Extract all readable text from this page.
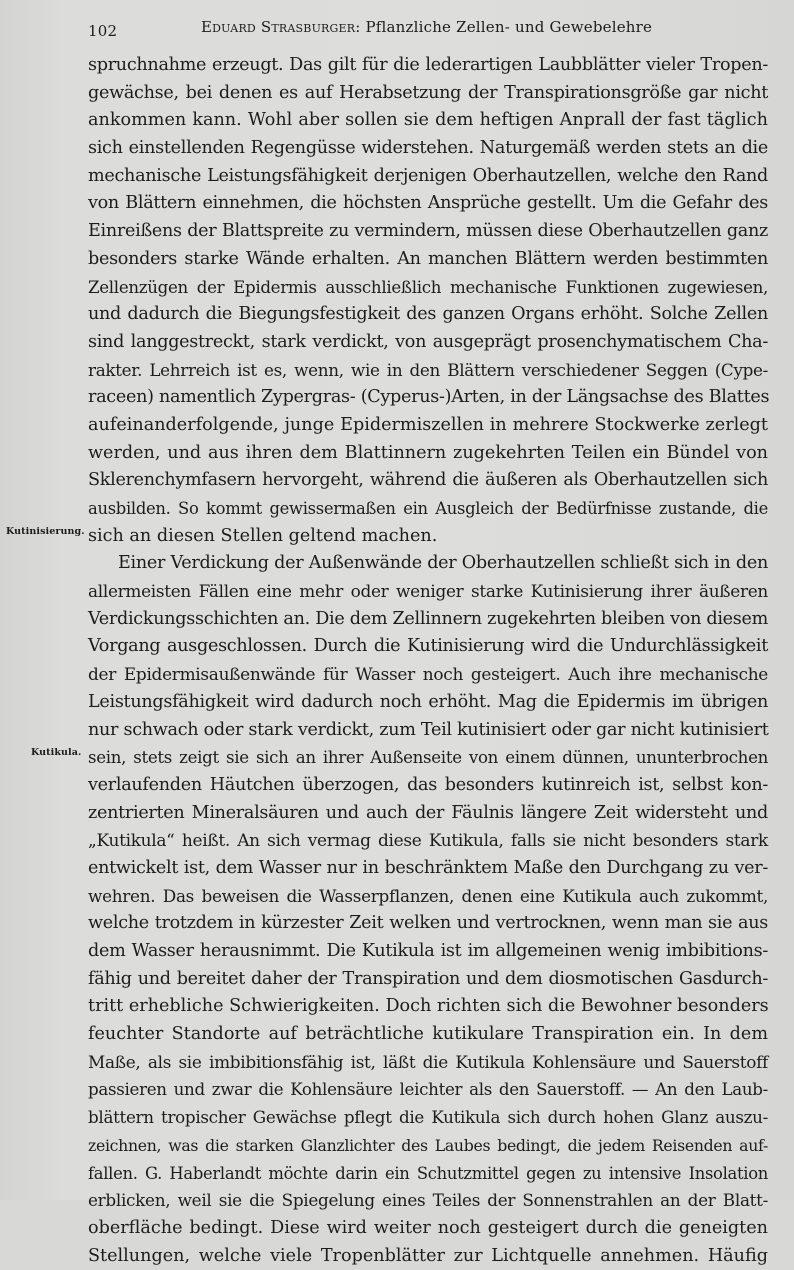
102	Eduard Strasburger: Pflanzliche Zellen- und Gewebelehre
Kutinisierung.
Kutikula.
spruchnahme erzeugt. Das gilt für die lederartigen Laubblätter vieler Tropen-
gewächse, bei denen es auf Herabsetzung der Transpirationsgröße gar nicht
ankommen kann. Wohl aber sollen sie dem heftigen Anprall der fast täglich
sich einstellenden Regengüsse widerstehen. Naturgemäß werden stets an die
mechanische Leistungsfähigkeit derjenigen Oberhautzellen, welche den Rand
von Blättern einnehmen, die höchsten Ansprüche gestellt. Um die Gefahr des
Einreißens der Blattspreite zu vermindern, müssen diese Oberhautzellen ganz
besonders starke Wände erhalten. An manchen Blättern werden bestimmten
Zellenzügen der Epidermis ausschließlich mechanische Funktionen zugewiesen,
und dadurch die Biegungsfestigkeit des ganzen Organs erhöht. Solche Zellen
sind langgestreckt, stark verdickt, von ausgeprägt prosenchymatischem Cha-
rakter. Lehrreich ist es, wenn, wie in den Blättern verschiedener Seggen (Cype-
raceen) namentlich Zypergras- (Cyperus-)Arten, in der Längsachse des Blattes
aufeinanderfolgende, junge Epidermiszellen in mehrere Stockwerke zerlegt
werden, und aus ihren dem Blattinnern zugekehrten Teilen ein Bündel von
Sklerenchymfasern hervorgeht, während die äußeren als Oberhautzellen sich
ausbilden. So kommt gewissermaßen ein Ausgleich der Bedürfnisse zustande, die
sich an diesen Stellen geltend machen.
Einer Verdickung der Außenwände der Oberhautzellen schließt sich in den
allermeisten Fällen eine mehr oder weniger starke Kutinisierung ihrer äußeren
Verdickungsschichten an. Die dem Zellinnern zugekehrten bleiben von diesem
Vorgang ausgeschlossen. Durch die Kutinisierung wird die Undurchlässigkeit
der Epidermisaußenwände für Wasser noch gesteigert. Auch ihre mechanische
Leistungsfähigkeit wird dadurch noch erhöht. Mag die Epidermis im übrigen
nur schwach oder stark verdickt, zum Teil kutinisiert oder gar nicht kutinisiert
sein, stets zeigt sie sich an ihrer Außenseite von einem dünnen, ununterbrochen
verlaufenden Häutchen überzogen, das besonders kutinreich ist, selbst kon-
zentrierten Mineralsäuren und auch der Fäulnis längere Zeit widersteht und
„Kutikula“ heißt. An sich vermag diese Kutikula, falls sie nicht besonders stark
entwickelt ist, dem Wasser nur in beschränktem Maße den Durchgang zu ver-
wehren. Das beweisen die Wasserpflanzen, denen eine Kutikula auch zukommt,
welche trotzdem in kürzester Zeit welken und vertrocknen, wenn man sie aus
dem Wasser herausnimmt. Die Kutikula ist im allgemeinen wenig imbibitions-
fähig und bereitet daher der Transpiration und dem diosmotischen Gasdurch-
tritt erhebliche Schwierigkeiten. Doch richten sich die Bewohner besonders
feuchter Standorte auf beträchtliche kutikulare Transpiration ein. In dem
Maße, als sie imbibitionsfähig ist, läßt die Kutikula Kohlensäure und Sauerstoff
passieren und zwar die Kohlensäure leichter als den Sauerstoff. — An den Laub-
blättern tropischer Gewächse pflegt die Kutikula sich durch hohen Glanz auszu-
zeichnen, was die starken Glanzlichter des Laubes bedingt, die jedem Reisenden auf-
fallen. G. Haberlandt möchte darin ein Schutzmittel gegen zu intensive Insolation
erblicken, weil sie die Spiegelung eines Teiles der Sonnenstrahlen an der Blatt-
oberfläche bedingt. Diese wird weiter noch gesteigert durch die geneigten
Stellungen, welche viele Tropenblätter zur Lichtquelle annehmen. Häufig
